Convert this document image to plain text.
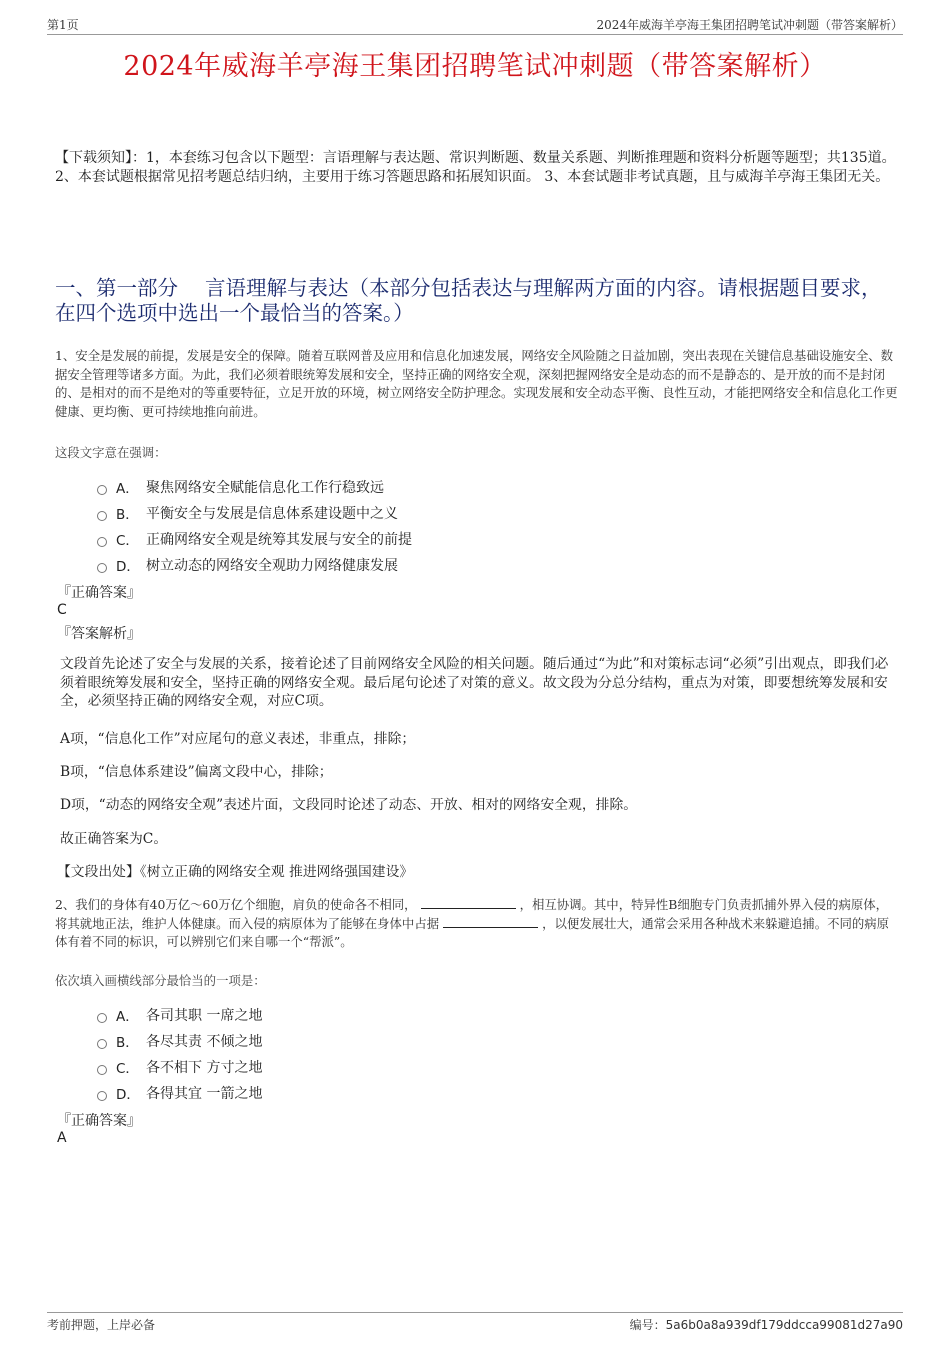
第1页	2024年威海羊亭海王集团招聘笔试冲刺题（带答案解析）
2024年威海羊亭海王集团招聘笔试冲刺题（带答案解析）
【下载须知】：1，本套练习包含以下题型：言语理解与表达题、常识判断题、数量关系题、判断推理题和资料分析题等题型；共135道。 2、本套试题根据常见招考题总结归纳，主要用于练习答题思路和拓展知识面。 3、本套试题非考试真题，且与威海羊亭海王集团无关。
一、第一部分　 言语理解与表达（本部分包括表达与理解两方面的内容。请根据题目要求，在四个选项中选出一个最恰当的答案。）
1、安全是发展的前提，发展是安全的保障。随着互联网普及应用和信息化加速发展，网络安全风险随之日益加剧，突出表现在关键信息基础设施安全、数据安全管理等诸多方面。为此，我们必须着眼统筹发展和安全，坚持正确的网络安全观，深刻把握网络安全是动态的而不是静态的、是开放的而不是封闭的、是相对的而不是绝对的等重要特征，立足开放的环境，树立网络安全防护理念。实现发展和安全动态平衡、良性互动，才能把网络安全和信息化工作更健康、更均衡、更可持续地推向前进。
这段文字意在强调：
A． 聚焦网络安全赋能信息化工作行稳致远
B． 平衡安全与发展是信息体系建设题中之义
C． 正确网络安全观是统筹其发展与安全的前提
D． 树立动态的网络安全观助力网络健康发展
『正确答案』
C
『答案解析』
文段首先论述了安全与发展的关系，接着论述了目前网络安全风险的相关问题。随后通过“为此”和对策标志词“必须”引出观点，即我们必须着眼统筹发展和安全，坚持正确的网络安全观。最后尾句论述了对策的意义。故文段为分总分结构，重点为对策，即要想统筹发展和安全，必须坚持正确的网络安全观，对应C项。
A项，“信息化工作”对应尾句的意义表述，非重点，排除；
B项，“信息体系建设”偏离文段中心，排除；
D项，“动态的网络安全观”表述片面，文段同时论述了动态、开放、相对的网络安全观，排除。
故正确答案为C。
【文段出处】《树立正确的网络安全观 推进网络强国建设》
2、我们的身体有40万亿～60万亿个细胞，肩负的使命各不相同，	，相互协调。其中，特异性B细胞专门负责抓捕外界入侵的病原体，将其就地正法，维护人体健康。而入侵的病原体为了能够在身体中占据	，以便发展壮大，通常会采用各种战术来躲避追捕。不同的病原体有着不同的标识，可以辨别它们来自哪一个“帮派”。
依次填入画横线部分最恰当的一项是：
A． 各司其职 一席之地
B． 各尽其责 不倾之地
C． 各不相下 方寸之地
D． 各得其宜 一箭之地
『正确答案』
A
考前押题，上岸必备	编号：5a6b0a8a939df179ddcca99081d27a90
